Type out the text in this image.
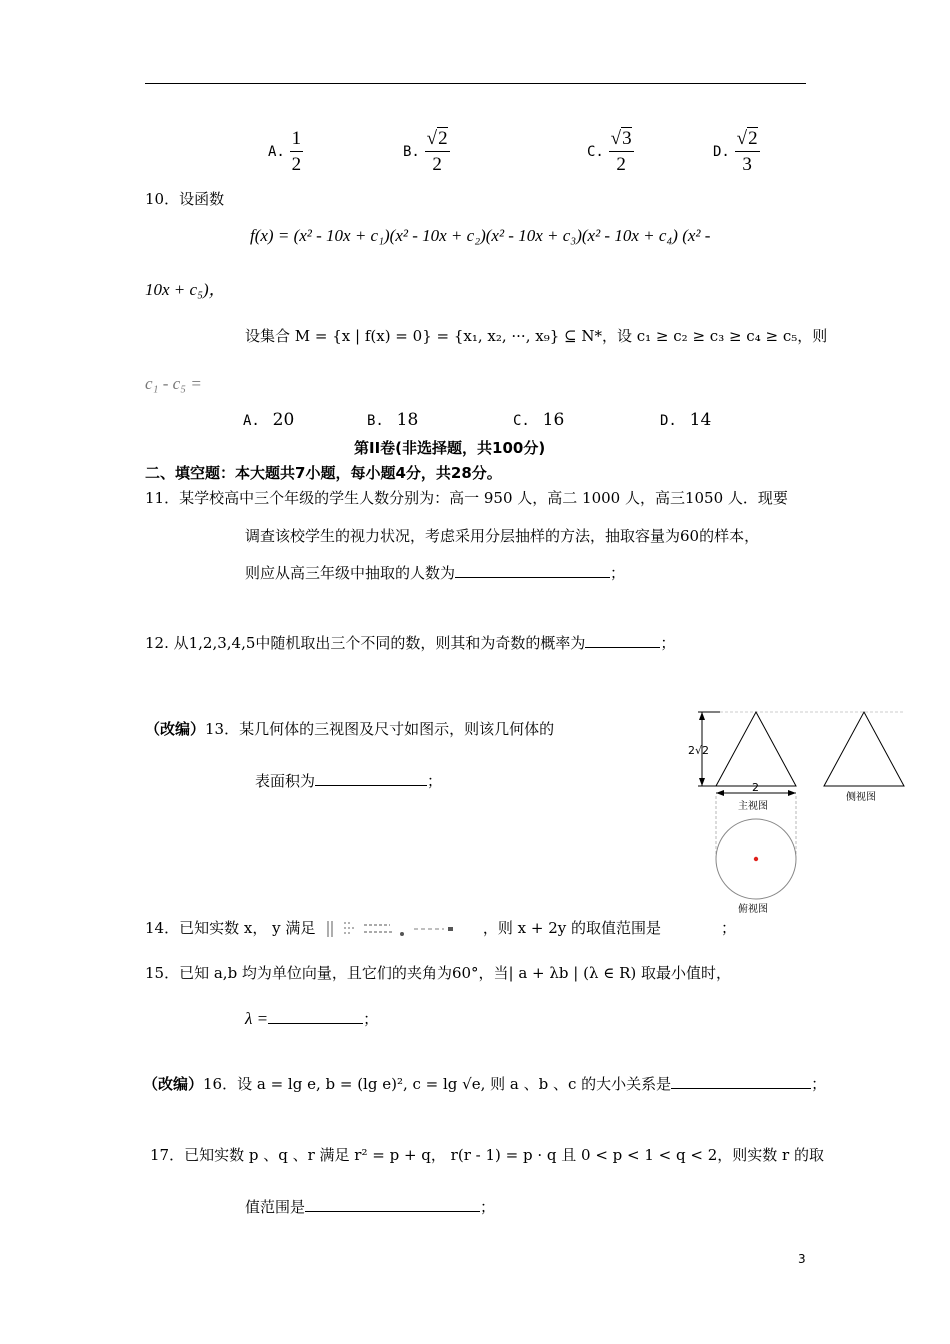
A. $\frac{1}{2}$	B. $\frac{√2}{2}$	C. $\frac{√3}{2}$	D. $\frac{√2}{3}$
10．设函数
f(x) = (x² - 10x + c₁)(x² - 10x + c₂)(x² - 10x + c₃)(x² - 10x + c₄) (x² -
10x + c₅)，
设集合 M = {x | f(x) = 0} = {x₁, x₂, ···, x₉} ⊆ N*，设 c₁ ≥ c₂ ≥ c₃ ≥ c₄ ≥ c₅，则
c₁ - c₅ =
A. 20	B. 18	C. 16	D. 14
第II卷(非选择题，共100分)
二、填空题：本大题共7小题，每小题4分，共28分。
11．某学校高中三个年级的学生人数分别为：高一 950 人，高二 1000 人，高三1050 人．现要
调查该校学生的视力状况，考虑采用分层抽样的方法，抽取容量为60的样本，
则应从高三年级中抽取的人数为	；
12. 从1,2,3,4,5中随机取出三个不同的数，则其和为奇数的概率为	；
（改编）13．某几何体的三视图及尺寸如图示，则该几何体的
表面积为	；
2√2
2
主视图
侧视图
俯视图
14．已知实数 x， y 满足	，则 x + 2y 的取值范围是	；
15．已知 a,b 均为单位向量，且它们的夹角为60°，当| a + λb | (λ ∈ R) 取最小值时，
λ =	；
（改编）16．设 a = lg e, b = (lg e)², c = lg √e, 则 a 、b 、c 的大小关系是	；
17．已知实数 p 、q 、r 满足 r² = p + q， r(r - 1) = p · q 且 0 < p < 1 < q < 2，则实数 r 的取
值范围是	；
3
